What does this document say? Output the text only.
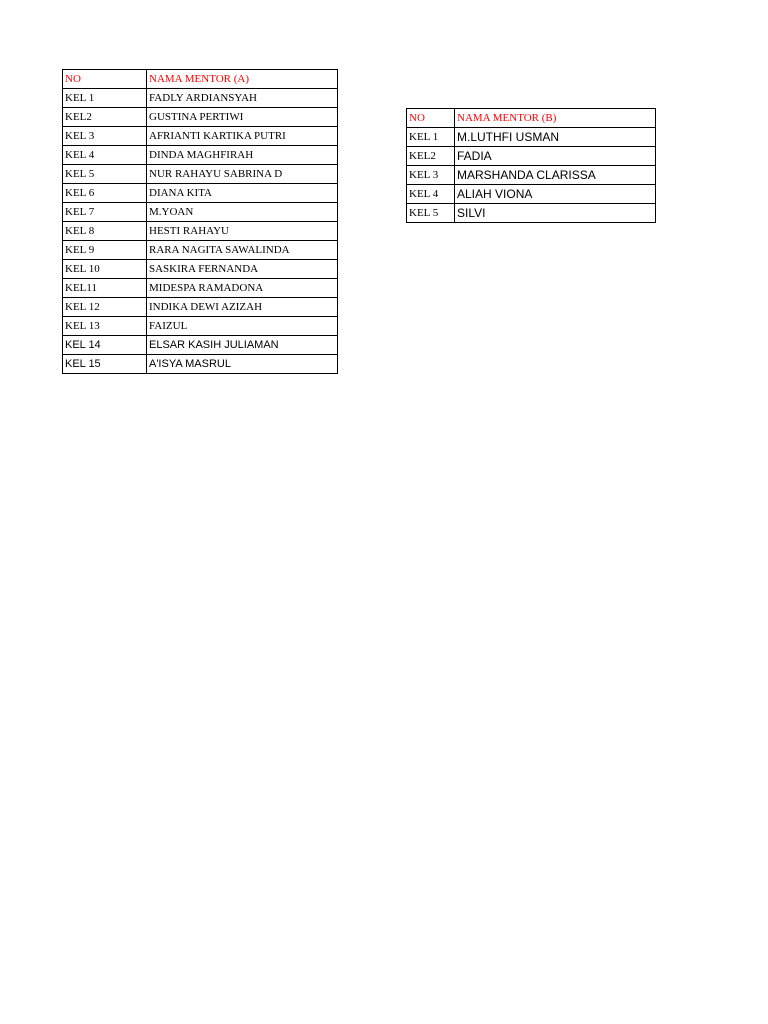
NO	NAMA MENTOR (A)
KEL 1	FADLY ARDIANSYAH
KEL2	GUSTINA PERTIWI
KEL 3	AFRIANTI KARTIKA PUTRI
KEL 4	DINDA MAGHFIRAH
KEL 5	NUR RAHAYU SABRINA D
KEL 6	DIANA KITA
KEL 7	M.YOAN
KEL 8	HESTI RAHAYU
KEL 9	RARA NAGITA SAWALINDA
KEL 10	SASKIRA FERNANDA
KEL11	MIDESPA RAMADONA
KEL 12	INDIKA DEWI AZIZAH
KEL 13	FAIZUL
KEL 14	ELSAR KASIH JULIAMAN
KEL 15	A'ISYA MASRUL
NO	NAMA MENTOR (B)
KEL 1	M.LUTHFI USMAN
KEL2	FADIA
KEL 3	MARSHANDA CLARISSA
KEL 4	ALIAH VIONA
KEL 5	SILVI
